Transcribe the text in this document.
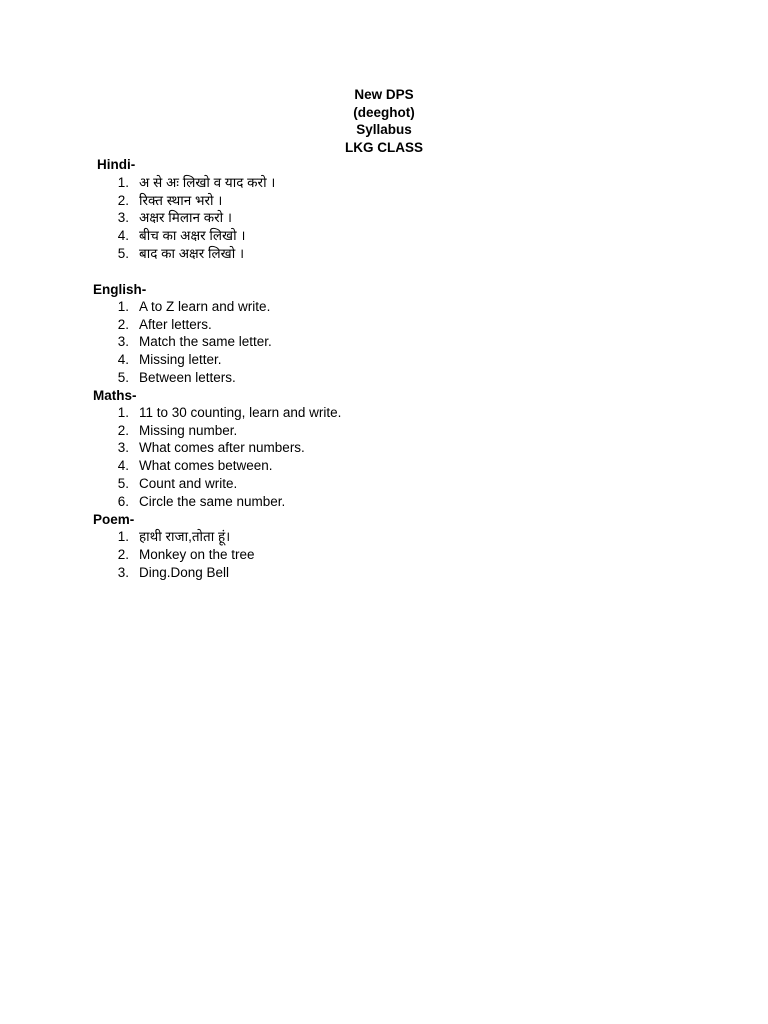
New DPS
(deeghot)
Syllabus
LKG CLASS
Hindi-
1. अ से अः लिखो व याद करो ।
2. रिक्त स्थान भरो ।
3. अक्षर मिलान करो ।
4. बीच का अक्षर लिखो ।
5. बाद का अक्षर लिखो ।
English-
1. A to Z learn and write.
2. After letters.
3. Match the same letter.
4. Missing letter.
5. Between letters.
Maths-
1. 11 to 30 counting, learn and write.
2. Missing number.
3. What comes after numbers.
4. What comes between.
5. Count and write.
6. Circle the same number.
Poem-
1. हाथी राजा,तोता हूं।
2. Monkey on the tree
3. Ding.Dong Bell
